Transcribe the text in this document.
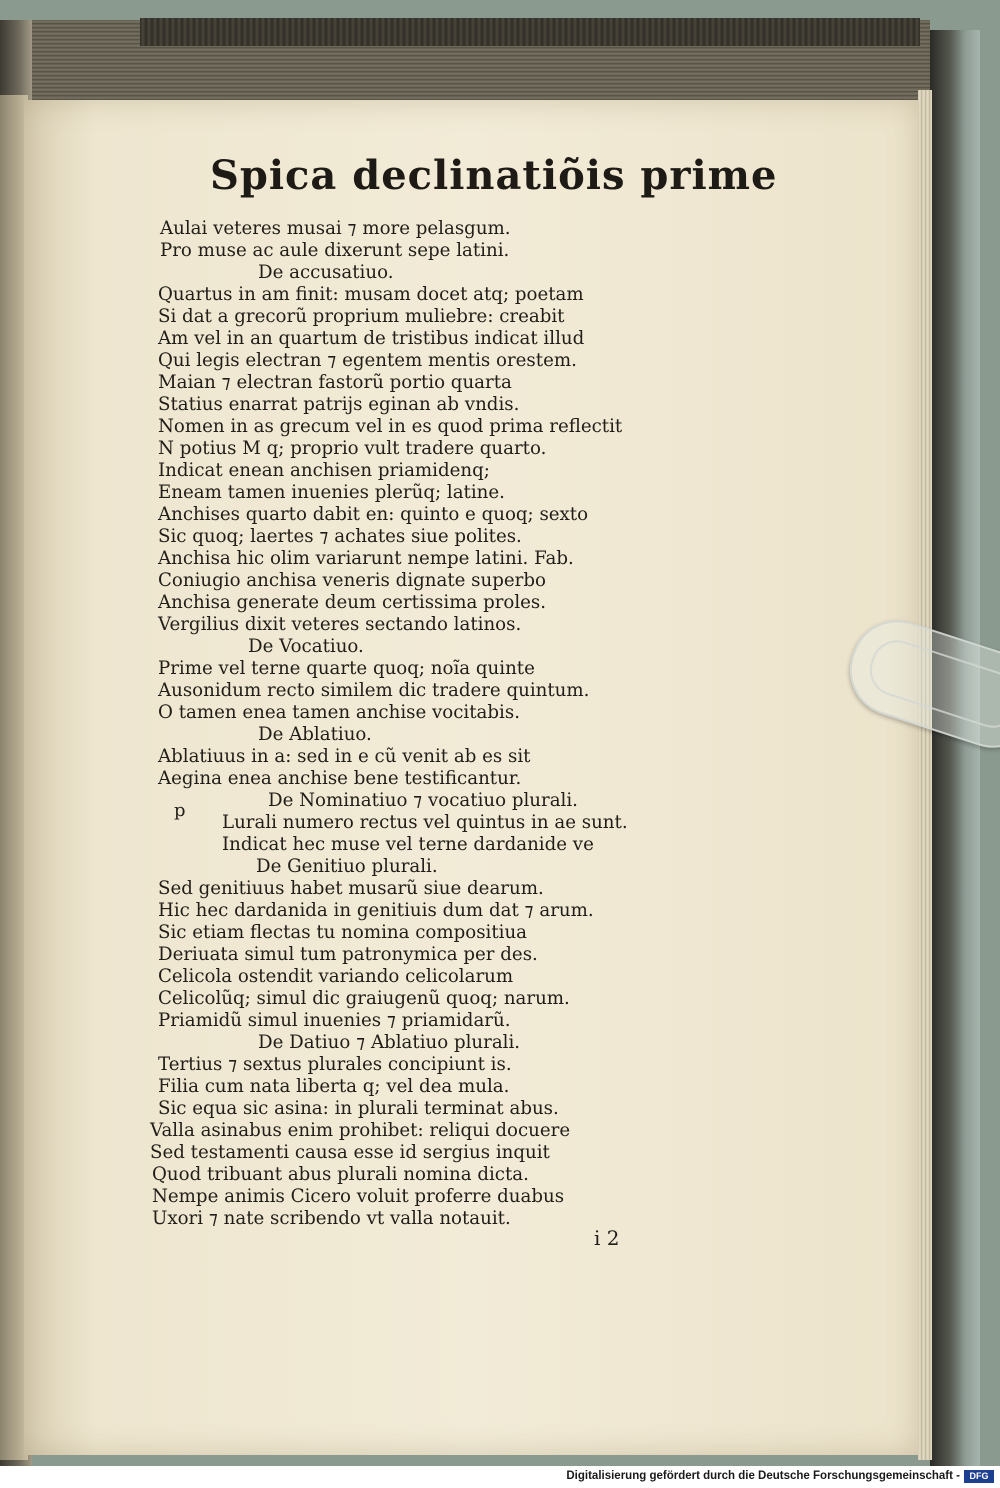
Spica declinatiõis prime
Aulai veteres musai ⁊ more pelasgum.
Pro muse ac aule dixerunt sepe latini.
De accusatiuo.
Quartus in am finit: musam docet atq; poetam
Si dat a grecorũ proprium muliebre: creabit
Am vel in an quartum de tristibus indicat illud
Qui legis electran ⁊ egentem mentis orestem.
Maian ⁊ electran fastorũ portio quarta
Statius enarrat patrijs eginan ab vndis.
Nomen in as grecum vel in es quod prima reflectit
N potius M q; proprio vult tradere quarto.
Indicat enean anchisen priamidenq;
Eneam tamen inuenies plerũq; latine.
Anchises quarto dabit en: quinto e quoq; sexto
Sic quoq; laertes ⁊ achates siue polites.
Anchisa hic olim variarunt nempe latini. Fab.
Coniugio anchisa veneris dignate superbo
Anchisa generate deum certissima proles.
Vergilius dixit veteres sectando latinos.
De Vocatiuo.
Prime vel terne quarte quoq; noĩa quinte
Ausonidum recto similem dic tradere quintum.
O tamen enea tamen anchise vocitabis.
De Ablatiuo.
Ablatiuus in a: sed in e cũ venit ab es sit
Aegina enea anchise bene testificantur.
De Nominatiuo ⁊ vocatiuo plurali.
Lurali numero rectus vel quintus in ae sunt.
Indicat hec muse vel terne dardanide ve
De Genitiuo plurali.
Sed genitiuus habet musarũ siue dearum.
Hic hec dardanida in genitiuis dum dat ⁊ arum.
Sic etiam flectas tu nomina compositiua
Deriuata simul tum patronymica per des.
Celicola ostendit variando celicolarum
Celicolũq; simul dic graiugenũ quoq; narum.
Priamidũ simul inuenies ⁊ priamidarũ.
De Datiuo ⁊ Ablatiuo plurali.
Tertius ⁊ sextus plurales concipiunt is.
Filia cum nata liberta q; vel dea mula.
Sic equa sic asina: in plurali terminat abus.
Valla asinabus enim prohibet: reliqui docuere
Sed testamenti causa esse id sergius inquit
Quod tribuant abus plurali nomina dicta.
Nempe animis Cicero voluit proferre duabus
Uxori ⁊ nate scribendo vt valla notauit.
p
i 2
Digitalisierung gefördert durch die Deutsche Forschungsgemeinschaft -	DFG
